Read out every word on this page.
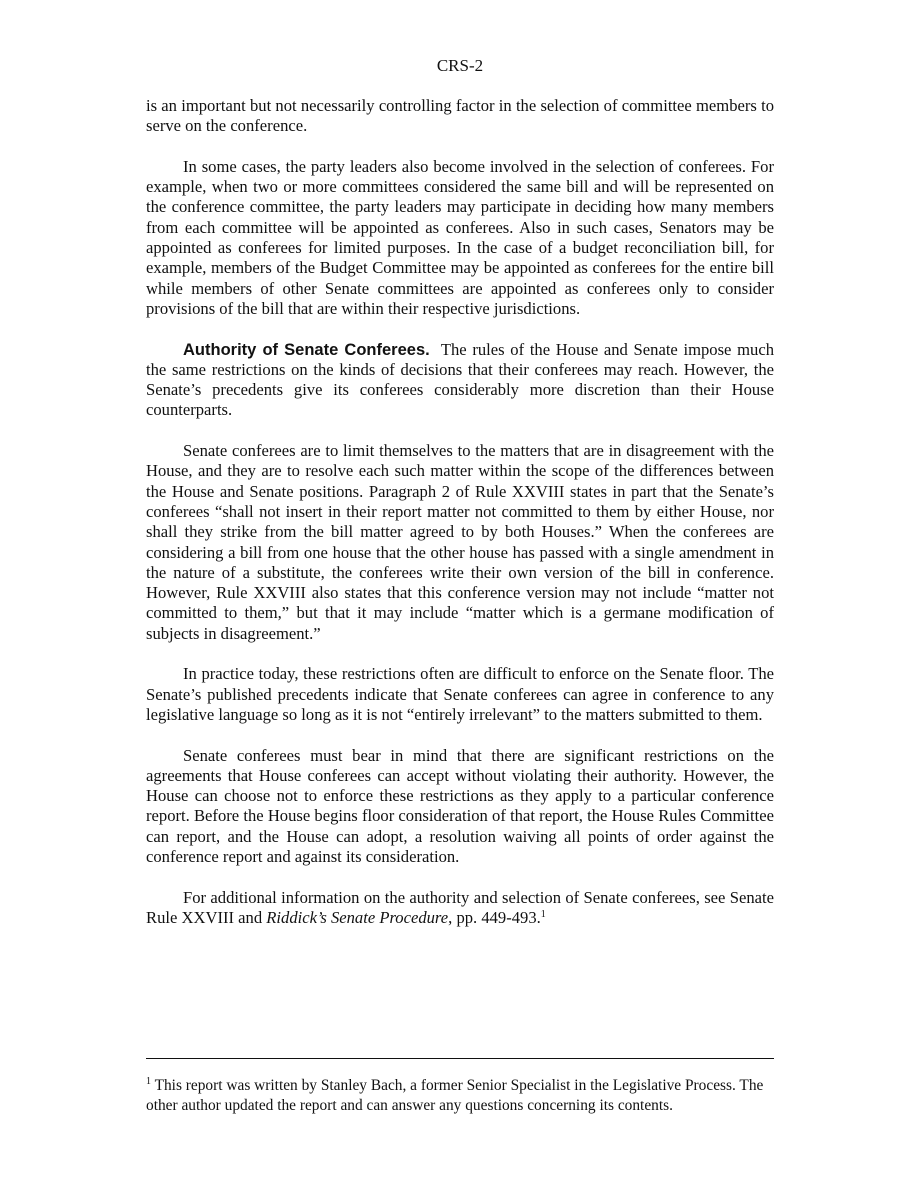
CRS-2

is an important but not necessarily controlling factor in the selection of committee members to serve on the conference.

In some cases, the party leaders also become involved in the selection of conferees. For example, when two or more committees considered the same bill and will be represented on the conference committee, the party leaders may participate in deciding how many members from each committee will be appointed as conferees. Also in such cases, Senators may be appointed as conferees for limited purposes. In the case of a budget reconciliation bill, for example, members of the Budget Committee may be appointed as conferees for the entire bill while members of other Senate committees are appointed as conferees only to consider provisions of the bill that are within their respective jurisdictions.

Authority of Senate Conferees. The rules of the House and Senate impose much the same restrictions on the kinds of decisions that their conferees may reach. However, the Senate’s precedents give its conferees considerably more discretion than their House counterparts.

Senate conferees are to limit themselves to the matters that are in disagreement with the House, and they are to resolve each such matter within the scope of the differences between the House and Senate positions. Paragraph 2 of Rule XXVIII states in part that the Senate’s conferees “shall not insert in their report matter not committed to them by either House, nor shall they strike from the bill matter agreed to by both Houses.” When the conferees are considering a bill from one house that the other house has passed with a single amendment in the nature of a substitute, the conferees write their own version of the bill in conference. However, Rule XXVIII also states that this conference version may not include “matter not committed to them,” but that it may include “matter which is a germane modification of subjects in disagreement.”

In practice today, these restrictions often are difficult to enforce on the Senate floor. The Senate’s published precedents indicate that Senate conferees can agree in conference to any legislative language so long as it is not “entirely irrelevant” to the matters submitted to them.

Senate conferees must bear in mind that there are significant restrictions on the agreements that House conferees can accept without violating their authority. However, the House can choose not to enforce these restrictions as they apply to a particular conference report. Before the House begins floor consideration of that report, the House Rules Committee can report, and the House can adopt, a resolution waiving all points of order against the conference report and against its consideration.

For additional information on the authority and selection of Senate conferees, see Senate Rule XXVIII and Riddick’s Senate Procedure, pp. 449-493.$^1$

$^1$ This report was written by Stanley Bach, a former Senior Specialist in the Legislative Process. The other author updated the report and can answer any questions concerning its contents.
